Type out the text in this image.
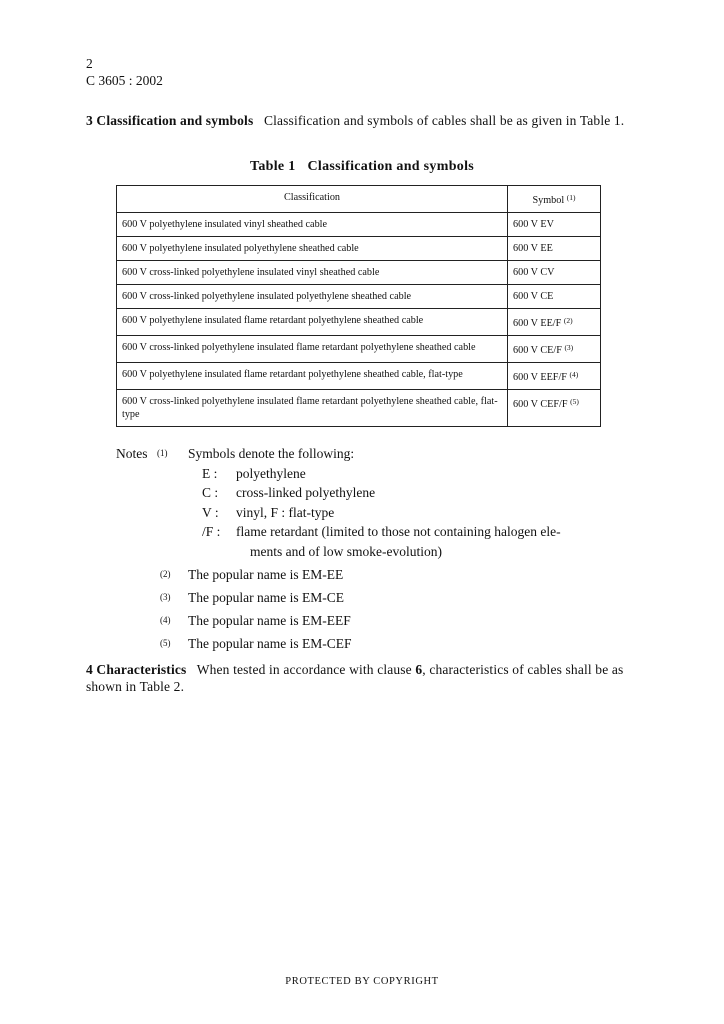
2
C 3605 : 2002
3 Classification and symbols Classification and symbols of cables shall be as given in Table 1.
Table 1 Classification and symbols
Classification	Symbol $^{(1)}$
600 V polyethylene insulated vinyl sheathed cable	600 V EV
600 V polyethylene insulated polyethylene sheathed cable	600 V EE
600 V cross-linked polyethylene insulated vinyl sheathed cable	600 V CV
600 V cross-linked polyethylene insulated polyethylene sheathed cable	600 V CE
600 V polyethylene insulated flame retardant polyethylene sheathed cable	600 V EE/F $^{(2)}$
600 V cross-linked polyethylene insulated flame retardant polyethylene sheathed cable	600 V CE/F $^{(3)}$
600 V polyethylene insulated flame retardant polyethylene sheathed cable, flat-type	600 V EEF/F $^{(4)}$
600 V cross-linked polyethylene insulated flame retardant polyethylene sheathed cable, flat-type	600 V CEF/F $^{(5)}$
Notes (1) Symbols denote the following:
E :	polyethylene
C :	cross-linked polyethylene
V :	vinyl, F : flat-type
/F :	flame retardant (limited to those not containing halogen ele-
ments and of low smoke-evolution)
(2) The popular name is EM-EE
(3) The popular name is EM-CE
(4) The popular name is EM-EEF
(5) The popular name is EM-CEF
4 Characteristics When tested in accordance with clause 6, characteristics of cables shall be as shown in Table 2.
PROTECTED BY COPYRIGHT
